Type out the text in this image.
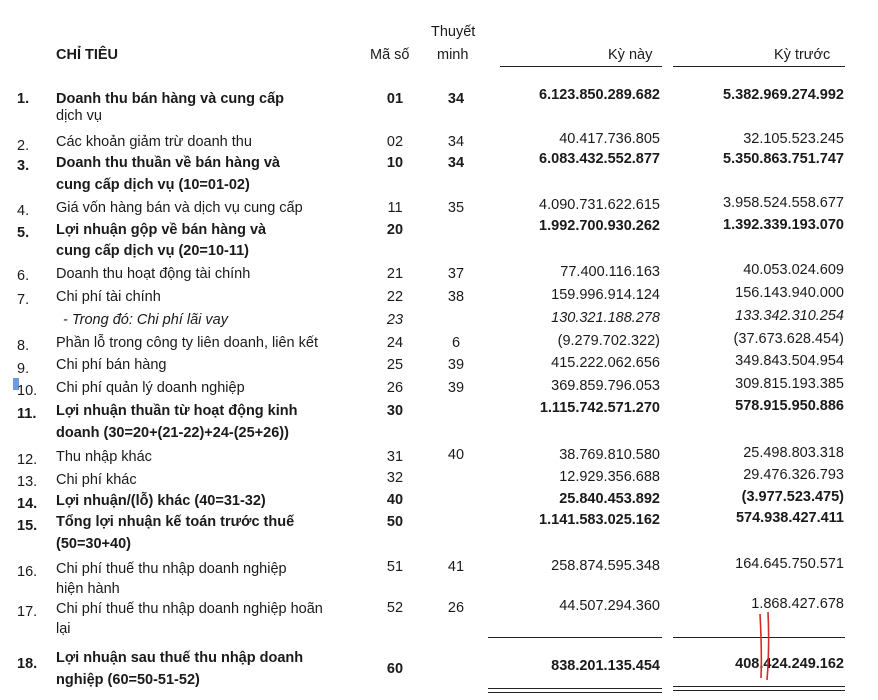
CHỈ TIÊU	Mã số
Thuyết
minh	Kỳ này	Kỳ trước
1. Doanh thu bán hàng và cung cấp
dịch vụ
01	34	6.123.850.289.682	5.382.969.274.992
2. Các khoản giảm trừ doanh thu	02	34	40.417.736.805	32.105.523.245
3. Doanh thu thuần về bán hàng và
cung cấp dịch vụ (10=01-02)
10	34	6.083.432.552.877	5.350.863.751.747
4. Giá vốn hàng bán và dịch vụ cung cấp	11	35	4.090.731.622.615	3.958.524.558.677
5. Lợi nhuận gộp về bán hàng và
cung cấp dịch vụ (20=10-11)
20	1.992.700.930.262	1.392.339.193.070
6. Doanh thu hoạt động tài chính	21	37	77.400.116.163	40.053.024.609
7. Chi phí tài chính	22	38	159.996.914.124	156.143.940.000
- Trong đó: Chi phí lãi vay	23	130.321.188.278	133.342.310.254
8. Phần lỗ trong công ty liên doanh, liên kết	24	6	(9.279.702.322)	(37.673.628.454)
9. Chi phí bán hàng	25	39	415.222.062.656	349.843.504.954
10. Chi phí quản lý doanh nghiệp	26	39	369.859.796.053	309.815.193.385
11. Lợi nhuận thuần từ hoạt động kinh
doanh (30=20+(21-22)+24-(25+26))
30	1.115.742.571.270	578.915.950.886
12. Thu nhập khác	31	40	38.769.810.580	25.498.803.318
13. Chi phí khác	32	12.929.356.688	29.476.326.793
14. Lợi nhuận/(lỗ) khác (40=31-32)	40	25.840.453.892	(3.977.523.475)
15. Tổng lợi nhuận kế toán trước thuế
(50=30+40)
50	1.141.583.025.162	574.938.427.411
16. Chi phí thuế thu nhập doanh nghiệp
hiện hành
51	41	258.874.595.348	164.645.750.571
17. Chi phí thuế thu nhập doanh nghiệp hoãn
lại
52	26	44.507.294.360	1.868.427.678
18. Lợi nhuận sau thuế thu nhập doanh
nghiệp (60=50-51-52)
60	838.201.135.454	408.424.249.162
